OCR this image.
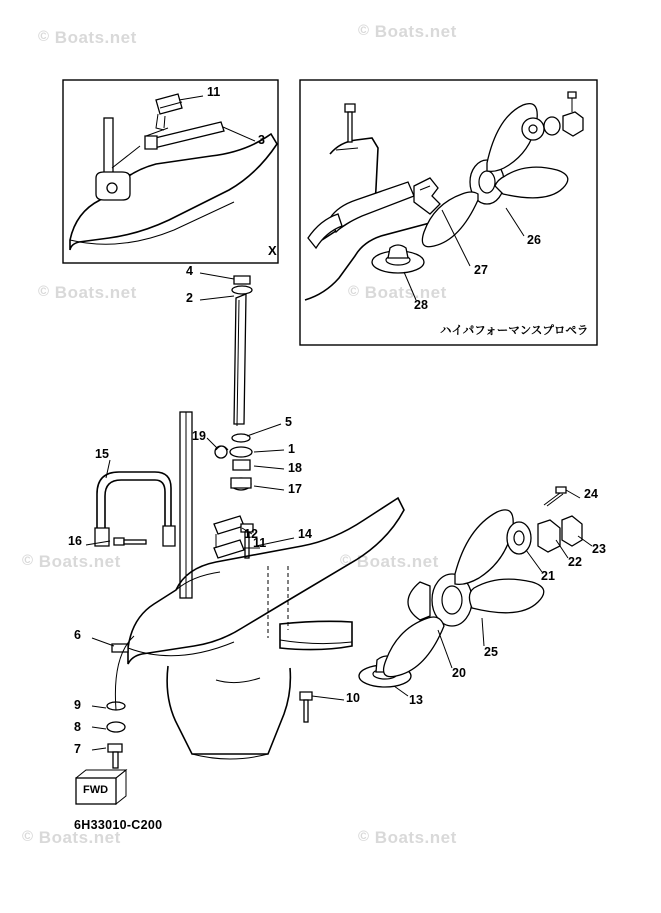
© Boats.net	© Boats.net
© Boats.net	© Boats.net
© Boats.net	© Boats.net
© Boats.net	© Boats.net
11
3
26
27
28
4
2
5
19
1
18
17
15
12	14
11
16
24
23
22
21
25
20
13
6
9
8
7
10
X
ハイパフォーマンスプロペラ
6H33010-C200
FWD
